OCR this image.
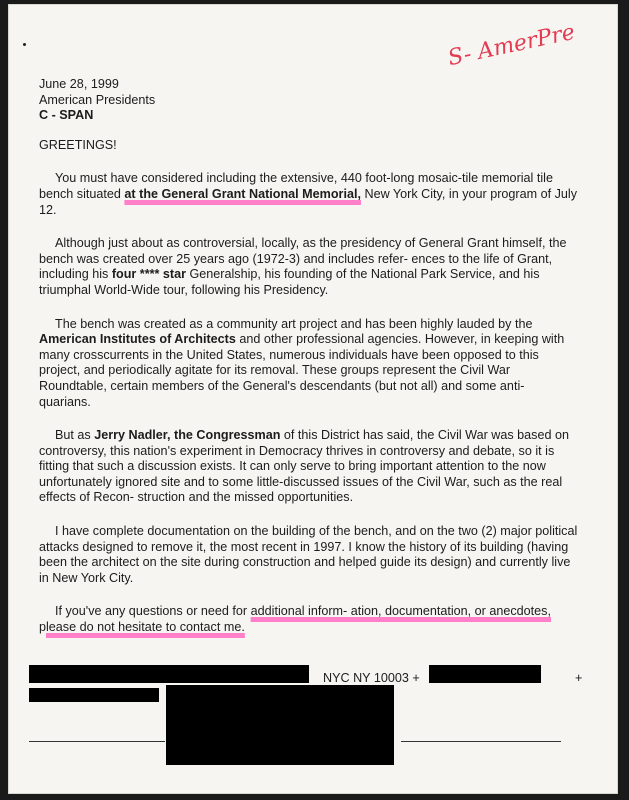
S- AmerPre
June 28, 1999
American Presidents
C - SPAN

GREETINGS!

You must have considered including the extensive, 440 foot-long mosaic-tile memorial tile bench situated at the General Grant National Memorial, New York City, in your program of July 12.

Although just about as controversial, locally, as the presidency of General Grant himself, the bench was created over 25 years ago (1972-3) and includes refer- ences to the life of Grant, including his four **** star Generalship, his founding of the National Park Service, and his triumphal World-Wide tour, following his Presidency.

The bench was created as a community art project and has been highly lauded by the American Institutes of Architects and other professional agencies. However, in keeping with many crosscurrents in the United States, numerous individuals have been opposed to this project, and periodically agitate for its removal. These groups represent the Civil War Roundtable, certain members of the General's descendants (but not all) and some anti- quarians.

But as Jerry Nadler, the Congressman of this District has said, the Civil War was based on controversy, this nation's experiment in Democracy thrives in controversy and debate, so it is fitting that such a discussion exists. It can only serve to bring important attention to the now unfortunately ignored site and to some little-discussed issues of the Civil War, such as the real effects of Recon- struction and the missed opportunities.

I have complete documentation on the building of the bench, and on the two (2) major political attacks designed to remove it, the most recent in 1997. I know the history of its building (having been the architect on the site during construction and helped guide its design) and currently live in New York City.

If you've any questions or need for additional inform- ation, documentation, or anecdotes, please do not hesitate to contact me.

NYC NY 10003 +	+
